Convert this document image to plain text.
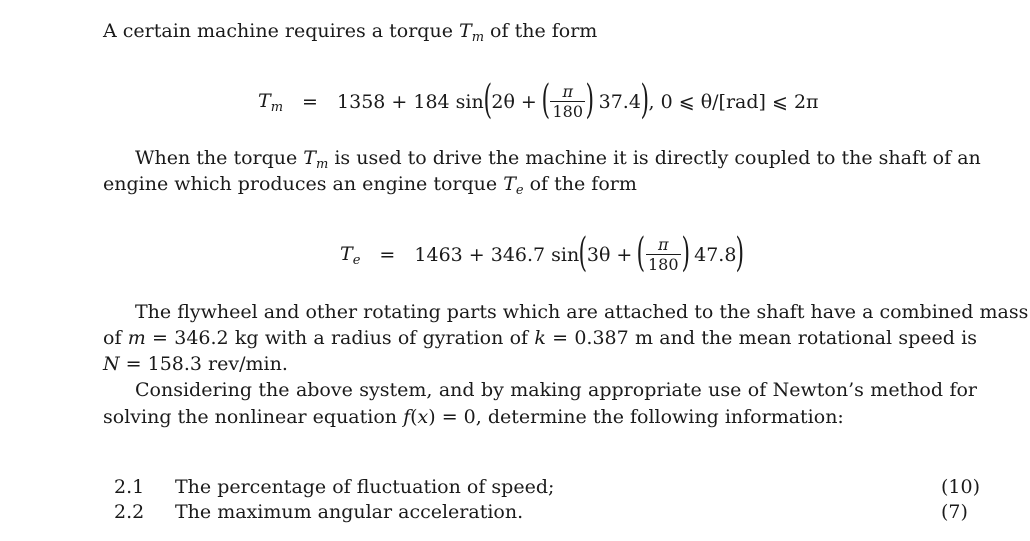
A certain machine requires a torque $T_m$ of the form
$T_m$	=	1358 + 184 sin ( 2θ + ( $\frac{\pi}{180}$ ) 37.4 ) , 0 ⩽ θ/[rad] ⩽ 2π
When the torque $T_m$ is used to drive the machine it is directly coupled to the shaft of an
engine which produces an engine torque $T_e$ of the form
$T_e$	=	1463 + 346.7 sin ( 3θ + ( $\frac{\pi}{180}$ ) 47.8 )
The flywheel and other rotating parts which are attached to the shaft have a combined mass
of m = 346.2 kg with a radius of gyration of k = 0.387 m and the mean rotational speed is
N = 158.3 rev/min.
Considering the above system, and by making appropriate use of Newton’s method for
solving the nonlinear equation f(x) = 0, determine the following information:
2.1 The percentage of fluctuation of speed;	(10)
2.2 The maximum angular acceleration.	(7)
